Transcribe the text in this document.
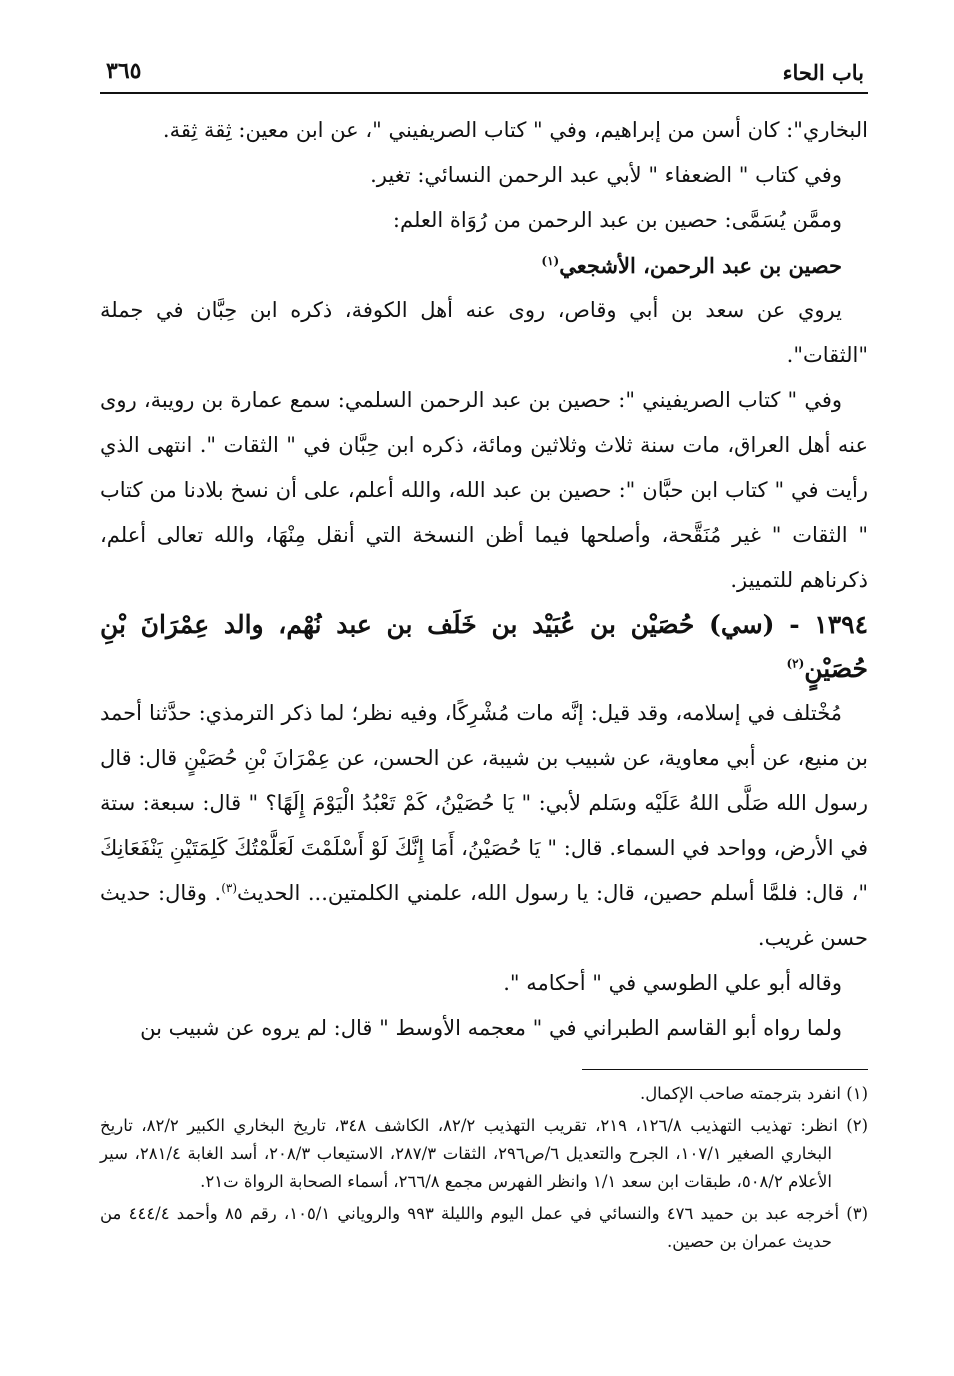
باب الحاء
٣٦٥

البخاري": كان أسن من إبراهيم، وفي " كتاب الصريفيني "، عن ابن معين: ثِقة ثِقة.

وفي كتاب " الضعفاء " لأبي عبد الرحمن النسائي: تغير.

وممَّن يُسَمَّى: حصين بن عبد الرحمن من رُوَاة العلم:

حصين بن عبد الرحمن، الأشجعي$^{(١)}$

يروي عن سعد بن أبي وقاص، روى عنه أهل الكوفة، ذكره ابن حِبَّان في جملة "الثقات".

وفي " كتاب الصريفيني ": حصين بن عبد الرحمن السلمي: سمع عمارة بن رويبة، روى عنه أهل العراق، مات سنة ثلاث وثلاثين ومائة، ذكره ابن حِبَّان في " الثقات ". انتهى الذي رأيت في " كتاب ابن حبَّان ": حصين بن عبد الله، والله أعلم، على أن نسخ بلادنا من كتاب " الثقات " غير مُنَقَّحة، وأصلحها فيما أظن النسخة التي أنقل مِنْهَا، والله تعالى أعلم، ذكرناهم للتمييز.

١٣٩٤ - (سي) حُصَيْن بن عُبَيْد بن خَلَف بن عبد نُهْم، والد عِمْرَانَ بْنِ حُصَيْنٍ$^{(٢)}$

مُخْتلف في إسلامه، وقد قيل: إنَّه مات مُشْرِكًا، وفيه نظر؛ لما ذكر الترمذي: حدَّثنا أحمد بن منيع، عن أبي معاوية، عن شبيب بن شيبة، عن الحسن، عن عِمْرَانَ بْنِ حُصَيْنٍ قال: قال رسول الله صَلَّى اللهُ عَلَيْه وسَلم لأبي: " يَا حُصَيْنُ، كَمْ تَعْبُدُ الْيَوْمَ إِلَهًا؟ " قال: سبعة: ستة في الأرض، وواحد في السماء. قال: " يَا حُصَيْنُ، أَمَا إِنَّكَ لَوْ أَسْلَمْتَ لَعَلَّمْتُكَ كَلِمَتَيْنِ يَنْفَعَانِكَ "، قال: فلمَّا أسلم حصين، قال: يا رسول الله، علمني الكلمتين... الحديث$^{(٣)}$. وقال: حديث حسن غريب.

وقاله أبو علي الطوسي في " أحكامه ".

ولما رواه أبو القاسم الطبراني في " معجمه الأوسط " قال: لم يروه عن شبيب بن

(١) انفرد بترجمته صاحب الإكمال.

(٢) انظر: تهذيب التهذيب ١٢٦/٨، ٢١٩، تقريب التهذيب ٨٢/٢، الكاشف ٣٤٨، تاريخ البخاري الكبير ٨٢/٢، تاريخ البخاري الصغير ١٠٧/١، الجرح والتعديل ٦/ص٢٩٦، الثقات ٢٨٧/٣، الاستيعاب ٢٠٨/٣، أسد الغابة ٢٨١/٤، سير الأعلام ٥٠٨/٢، طبقات ابن سعد ١/١ وانظر الفهرس مجمع ٢٦٦/٨، أسماء الصحابة الرواة ت٢١.

(٣) أخرجه عبد بن حميد ٤٧٦ والنسائي في عمل اليوم والليلة ٩٩٣ والروياني ١٠٥/١، رقم ٨٥ وأحمد ٤٤٤/٤ من حديث عمران بن حصين.
